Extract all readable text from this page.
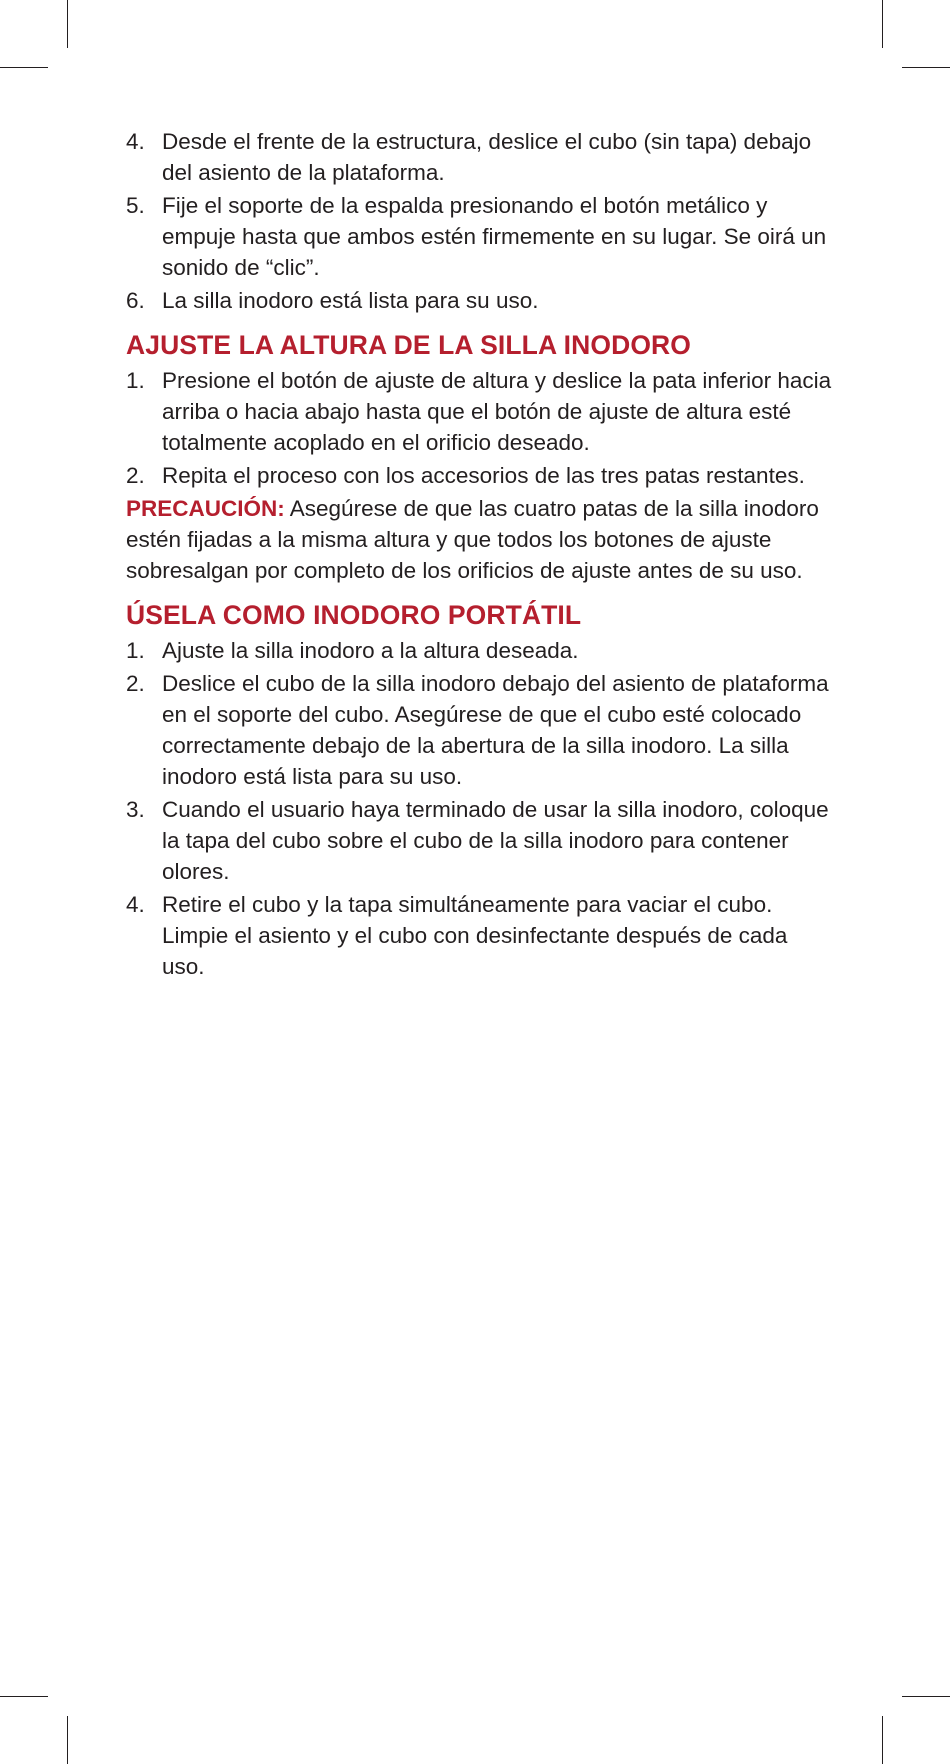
4. Desde el frente de la estructura, deslice el cubo (sin tapa) debajo del asiento de la plataforma.
5. Fije el soporte de la espalda presionando el botón metálico y empuje hasta que ambos estén firmemente en su lugar. Se oirá un sonido de “clic”.
6. La silla inodoro está lista para su uso.
AJUSTE LA ALTURA DE LA SILLA INODORO
1. Presione el botón de ajuste de altura y deslice la pata inferior hacia arriba o hacia abajo hasta que el botón de ajuste de altura esté totalmente acoplado en el orificio deseado.
2. Repita el proceso con los accesorios de las tres patas restantes.

PRECAUCIÓN: Asegúrese de que las cuatro patas de la silla inodoro estén fijadas a la misma altura y que todos los botones de ajuste sobresalgan por completo de los orificios de ajuste antes de su uso.

ÚSELA COMO INODORO PORTÁTIL
1. Ajuste la silla inodoro a la altura deseada.
2. Deslice el cubo de la silla inodoro debajo del asiento de plataforma en el soporte del cubo. Asegúrese de que el cubo esté colocado correctamente debajo de la abertura de la silla inodoro. La silla inodoro está lista para su uso.
3. Cuando el usuario haya terminado de usar la silla inodoro, coloque la tapa del cubo sobre el cubo de la silla inodoro para contener olores.
4. Retire el cubo y la tapa simultáneamente para vaciar el cubo. Limpie el asiento y el cubo con desinfectante después de cada uso.
